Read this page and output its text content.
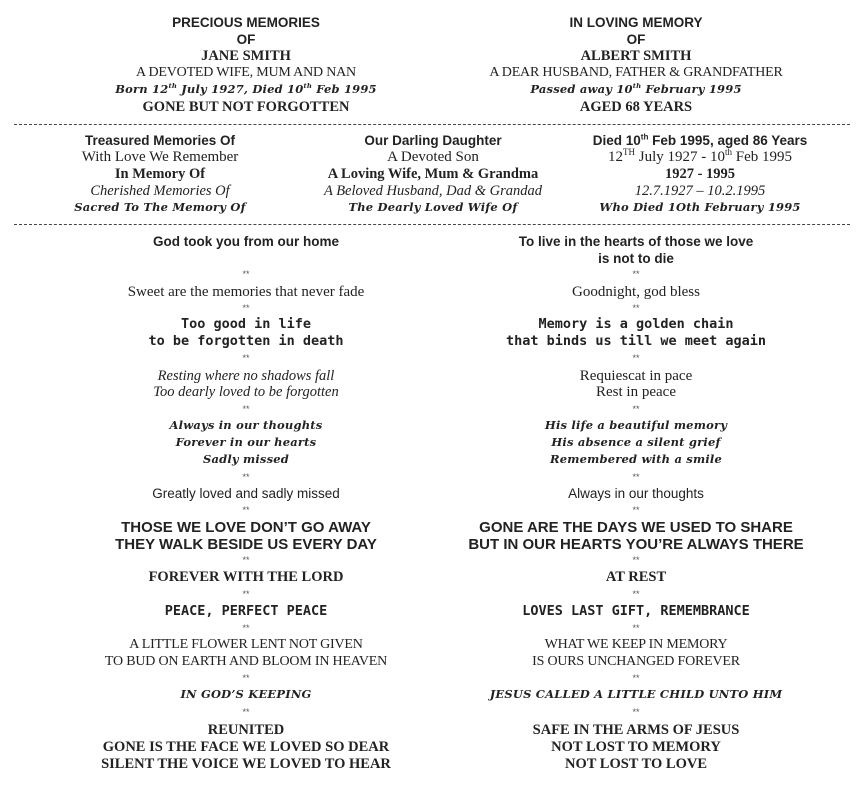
PRECIOUS MEMORIES
OF
JANE SMITH
A DEVOTED WIFE, MUM AND NAN
Born 12th July 1927, Died 10th Feb 1995
GONE BUT NOT FORGOTTEN
IN LOVING MEMORY
OF
ALBERT SMITH
A DEAR HUSBAND, FATHER & GRANDFATHER
Passed away 10th February 1995
AGED 68 YEARS
Treasured Memories Of
With Love We Remember
In Memory Of
Cherished Memories Of
Sacred To The Memory Of
Our Darling Daughter
A Devoted Son
A Loving Wife, Mum & Grandma
A Beloved Husband, Dad & Grandad
The Dearly Loved Wife Of
Died 10th Feb 1995, aged 86 Years
12TH July 1927 - 10th Feb 1995
1927 - 1995
12.7.1927 – 10.2.1995
Who Died 1Oth February 1995
God took you from our home
**
Sweet are the memories that never fade
**
Too good in life
to be forgotten in death
**
Resting where no shadows fall
Too dearly loved to be forgotten
**
Always in our thoughts
Forever in our hearts
Sadly missed
**
Greatly loved and sadly missed
**
THOSE WE LOVE DON’T GO AWAY
THEY WALK BESIDE US EVERY DAY
**
FOREVER WITH THE LORD
**
PEACE, PERFECT PEACE
**
A LITTLE FLOWER LENT NOT GIVEN
TO BUD ON EARTH AND BLOOM IN HEAVEN
**
IN GOD’S KEEPING
**
REUNITED
GONE IS THE FACE WE LOVED SO DEAR
SILENT THE VOICE WE LOVED TO HEAR
To live in the hearts of those we love
is not to die
**
Goodnight, god bless
**
Memory is a golden chain
that binds us till we meet again
**
Requiescat in pace
Rest in peace
**
His life a beautiful memory
His absence a silent grief
Remembered with a smile
**
Always in our thoughts
**
GONE ARE THE DAYS WE USED TO SHARE
BUT IN OUR HEARTS YOU’RE ALWAYS THERE
**
AT REST
**
LOVES LAST GIFT, REMEMBRANCE
**
WHAT WE KEEP IN MEMORY
IS OURS UNCHANGED FOREVER
**
JESUS CALLED A LITTLE CHILD UNTO HIM
**
SAFE IN THE ARMS OF JESUS
NOT LOST TO MEMORY
NOT LOST TO LOVE
